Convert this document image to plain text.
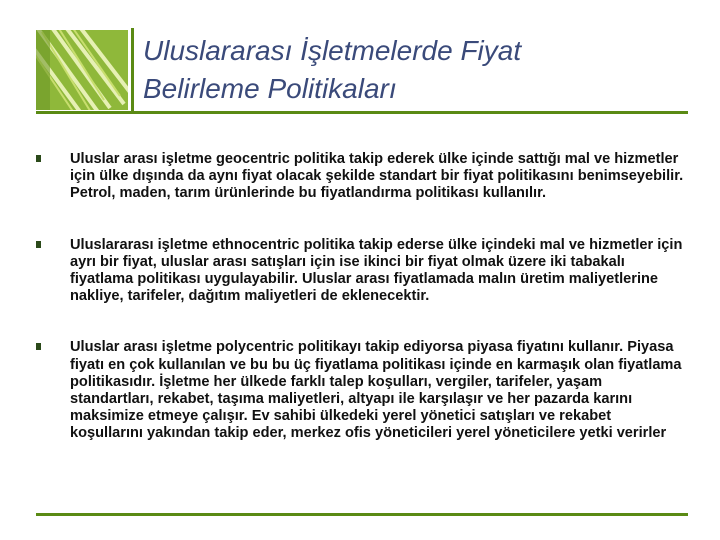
Uluslararası İşletmelerde Fiyat
Belirleme Politikaları
Uluslar arası işletme geocentric politika takip ederek ülke içinde sattığı mal ve hizmetler için ülke dışında da aynı fiyat olacak şekilde standart bir fiyat politikasını benimseyebilir. Petrol, maden, tarım ürünlerinde bu fiyatlandırma politikası kullanılır.
Uluslararası işletme ethnocentric politika takip ederse ülke içindeki mal ve hizmetler için ayrı bir fiyat, uluslar arası satışları için ise ikinci bir fiyat olmak üzere iki tabakalı fiyatlama politikası uygulayabilir. Uluslar arası fiyatlamada malın üretim maliyetlerine nakliye, tarifeler, dağıtım maliyetleri de eklenecektir.
Uluslar arası işletme polycentric politikayı takip ediyorsa piyasa fiyatını kullanır. Piyasa fiyatı en çok kullanılan ve bu bu üç fiyatlama politikası içinde en karmaşık olan fiyatlama politikasıdır. İşletme her ülkede farklı talep koşulları, vergiler, tarifeler, yaşam standartları, rekabet, taşıma maliyetleri, altyapı ile karşılaşır ve her pazarda karını maksimize etmeye çalışır. Ev sahibi ülkedeki yerel yönetici satışları ve rekabet koşullarını yakından takip eder, merkez ofis yöneticileri yerel yöneticilere yetki verirler
